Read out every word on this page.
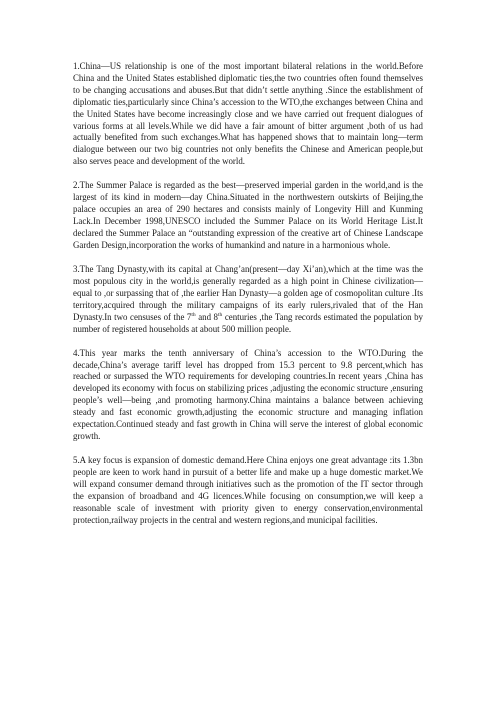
1.China—US relationship is one of the most important bilateral relations in the world.Before China and the United States established diplomatic ties,the two countries often found themselves to be changing accusations and abuses.But that didn’t settle anything .Since the establishment of diplomatic ties,particularly since China’s accession to the WTO,the exchanges between China and the United States have become increasingly close and we have carried out frequent dialogues of various forms at all levels.While we did have a fair amount of bitter argument ,both of us had actually benefited from such exchanges.What has happened shows that to maintain long—term dialogue between our two big countries not only benefits the Chinese and American people,but also serves peace and development of the world.

2.The Summer Palace is regarded as the best—preserved imperial garden in the world,and is the largest of its kind in modern—day China.Situated in the northwestern outskirts of Beijing,the palace occupies an area of 290 hectares and consists mainly of Longevity Hill and Kunming Lack.In December 1998,UNESCO included the Summer Palace on its World Heritage List.It declared the Summer Palace an “outstanding expression of the creative art of Chinese Landscape Garden Design,incorporation the works of humankind and nature in a harmonious whole.

3.The Tang Dynasty,with its capital at Chang’an(present—day Xi’an),which at the time was the most populous city in the world,is generally regarded as a high point in Chinese civilization—equal to ,or surpassing that of ,the earlier Han Dynasty—a golden age of cosmopolitan culture .Its territory,acquired through the military campaigns of its early rulers,rivaled that of the Han Dynasty.In two censuses of the 7th and 8th centuries ,the Tang records estimated the population by number of registered households at about 500 million people.

4.This year marks the tenth anniversary of China’s accession to the WTO.During the decade,China’s average tariff level has dropped from 15.3 percent to 9.8 percent,which has reached or surpassed the WTO requirements for developing countries.In recent years ,China has developed its economy with focus on stabilizing prices ,adjusting the economic structure ,ensuring people’s well—being ,and promoting harmony.China maintains a balance between achieving steady and fast economic growth,adjusting the economic structure and managing inflation expectation.Continued steady and fast growth in China will serve the interest of global economic growth.

5.A key focus is expansion of domestic demand.Here China enjoys one great advantage :its 1.3bn people are keen to work hand in pursuit of a better life and make up a huge domestic market.We will expand consumer demand through initiatives such as the promotion of the IT sector through the expansion of broadband and 4G licences.While focusing on consumption,we will keep a reasonable scale of investment with priority given to energy conservation,environmental protection,railway projects in the central and western regions,and municipal facilities.
